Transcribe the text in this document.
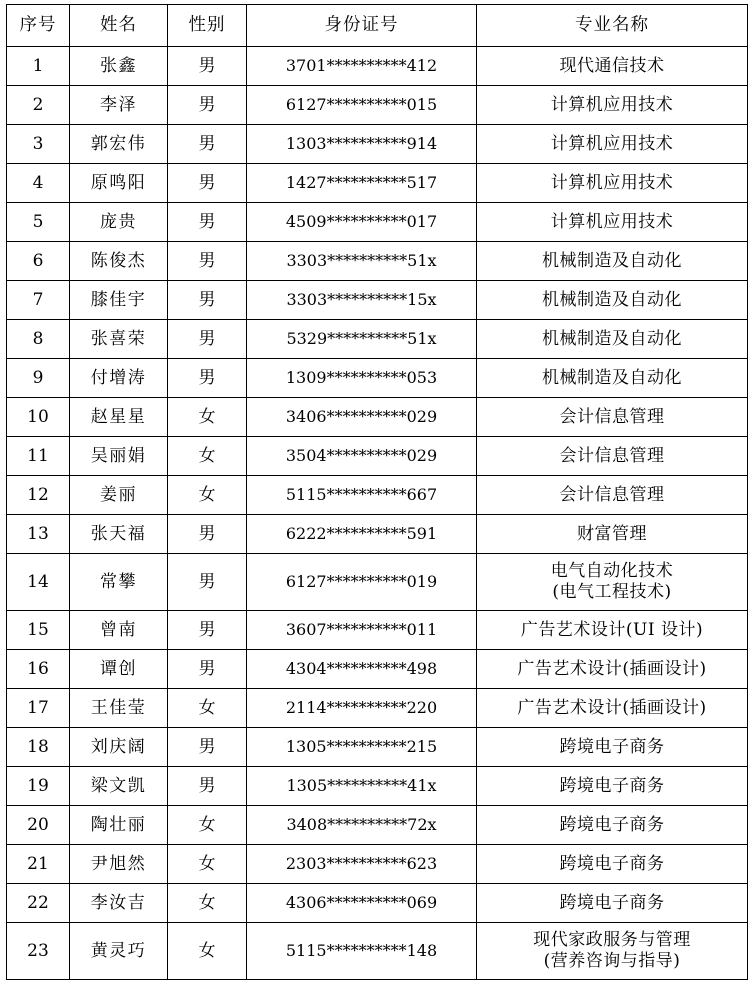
序号	姓名	性别	身份证号	专业名称
1	张鑫	男	3701**********412	现代通信技术
2	李泽	男	6127**********015	计算机应用技术
3	郭宏伟	男	1303**********914	计算机应用技术
4	原鸣阳	男	1427**********517	计算机应用技术
5	庞贵	男	4509**********017	计算机应用技术
6	陈俊杰	男	3303**********51x	机械制造及自动化
7	膝佳宇	男	3303**********15x	机械制造及自动化
8	张喜荣	男	5329**********51x	机械制造及自动化
9	付增涛	男	1309**********053	机械制造及自动化
10	赵星星	女	3406**********029	会计信息管理
11	吴丽娟	女	3504**********029	会计信息管理
12	姜丽	女	5115**********667	会计信息管理
13	张天福	男	6222**********591	财富管理
14	常攀	男	6127**********019	电气自动化技术
(电气工程技术)

15	曾南	男	3607**********011	广告艺术设计(UI 设计)
16	谭创	男	4304**********498	广告艺术设计(插画设计)
17	王佳莹	女	2114**********220	广告艺术设计(插画设计)
18	刘庆阔	男	1305**********215	跨境电子商务
19	梁文凯	男	1305**********41x	跨境电子商务
20	陶壮丽	女	3408**********72x	跨境电子商务
21	尹旭然	女	2303**********623	跨境电子商务
22	李汝吉	女	4306**********069	跨境电子商务
23	黄灵巧	女	5115**********148	现代家政服务与管理
(营养咨询与指导)
